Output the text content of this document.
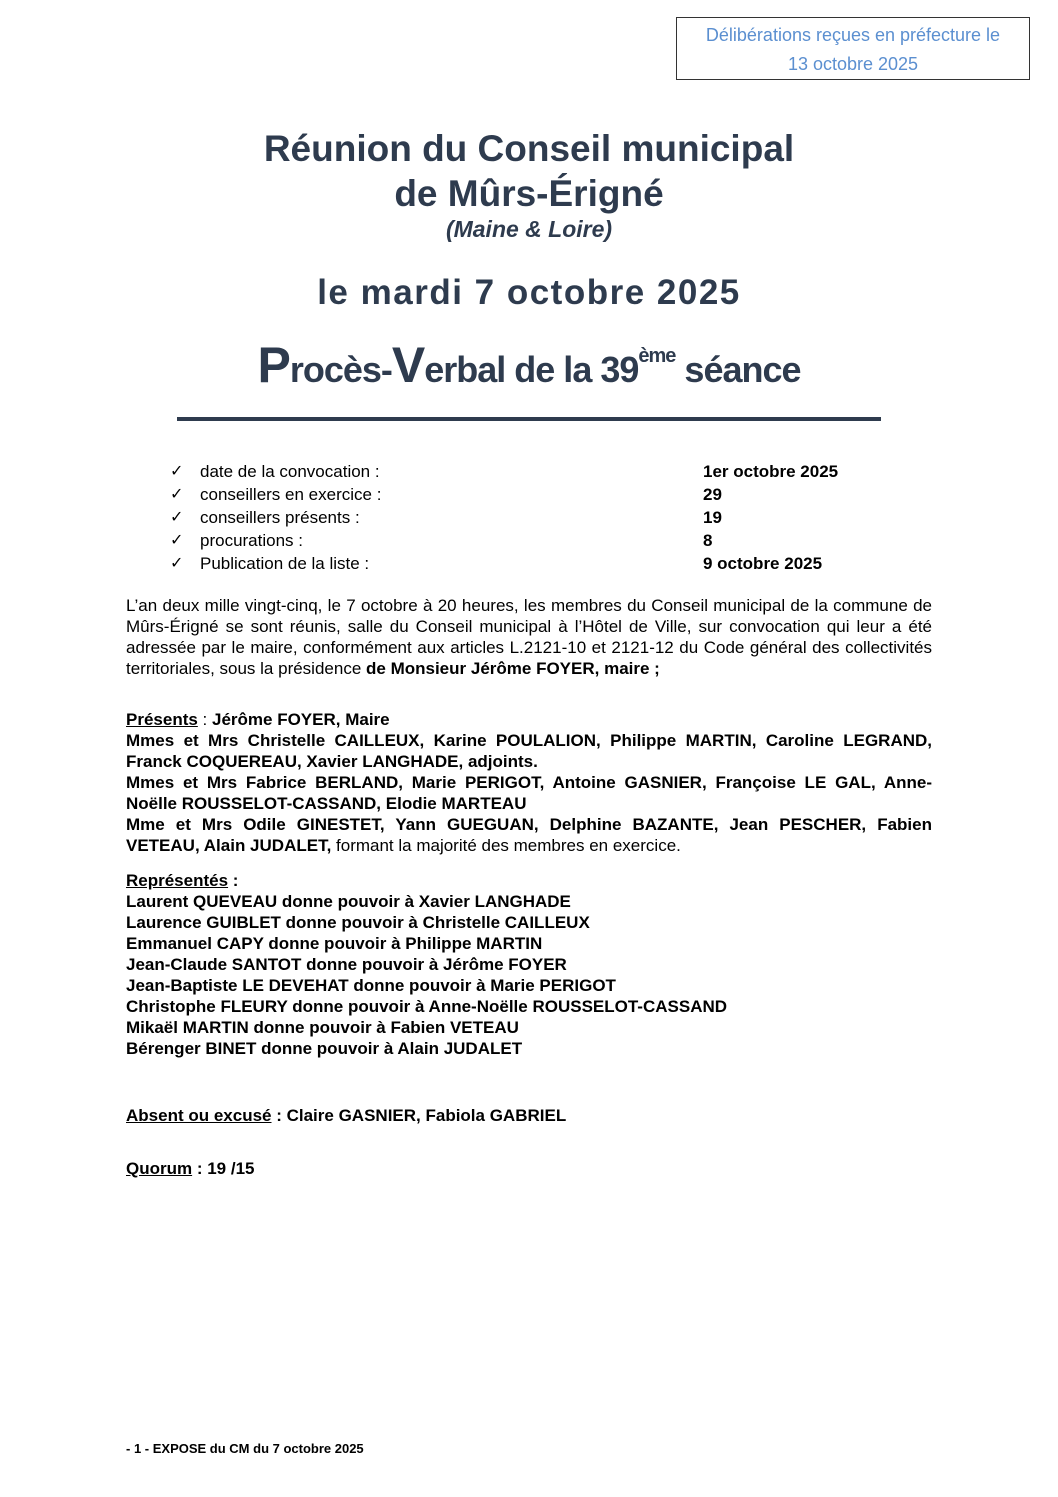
Délibérations reçues en préfecture le
13 octobre 2025
Réunion du Conseil municipal
de Mûrs-Érigné
(Maine & Loire)
le mardi 7 octobre 2025
Procès-Verbal de la 39ème séance
✓ date de la convocation :	1er octobre 2025
✓ conseillers en exercice :	29
✓ conseillers présents :	19
✓ procurations :	8
✓ Publication de la liste :	9 octobre 2025

L’an deux mille vingt-cinq, le 7 octobre à 20 heures, les membres du Conseil municipal de la commune de Mûrs-Érigné se sont réunis, salle du Conseil municipal à l’Hôtel de Ville, sur convocation qui leur a été adressée par le maire, conformément aux articles L.2121-10 et 2121-12 du Code général des collectivités territoriales, sous la présidence de Monsieur Jérôme FOYER, maire ;

Présents : Jérôme FOYER, Maire

Mmes et Mrs Christelle CAILLEUX, Karine POULALION, Philippe MARTIN, Caroline LEGRAND, Franck COQUEREAU, Xavier LANGHADE, adjoints.

Mmes et Mrs Fabrice BERLAND, Marie PERIGOT, Antoine GASNIER, Françoise LE GAL, Anne-Noëlle ROUSSELOT-CASSAND, Elodie MARTEAU

Mme et Mrs Odile GINESTET, Yann GUEGUAN, Delphine BAZANTE, Jean PESCHER, Fabien VETEAU, Alain JUDALET, formant la majorité des membres en exercice.

Représentés :

Laurent QUEVEAU donne pouvoir à Xavier LANGHADE

Laurence GUIBLET donne pouvoir à Christelle CAILLEUX

Emmanuel CAPY donne pouvoir à Philippe MARTIN

Jean-Claude SANTOT donne pouvoir à Jérôme FOYER

Jean-Baptiste LE DEVEHAT donne pouvoir à Marie PERIGOT

Christophe FLEURY donne pouvoir à Anne-Noëlle ROUSSELOT-CASSAND

Mikaël MARTIN donne pouvoir à Fabien VETEAU

Bérenger BINET donne pouvoir à Alain JUDALET

Absent ou excusé : Claire GASNIER, Fabiola GABRIEL
Quorum : 19 /15
- 1 - EXPOSE du CM du 7 octobre 2025
